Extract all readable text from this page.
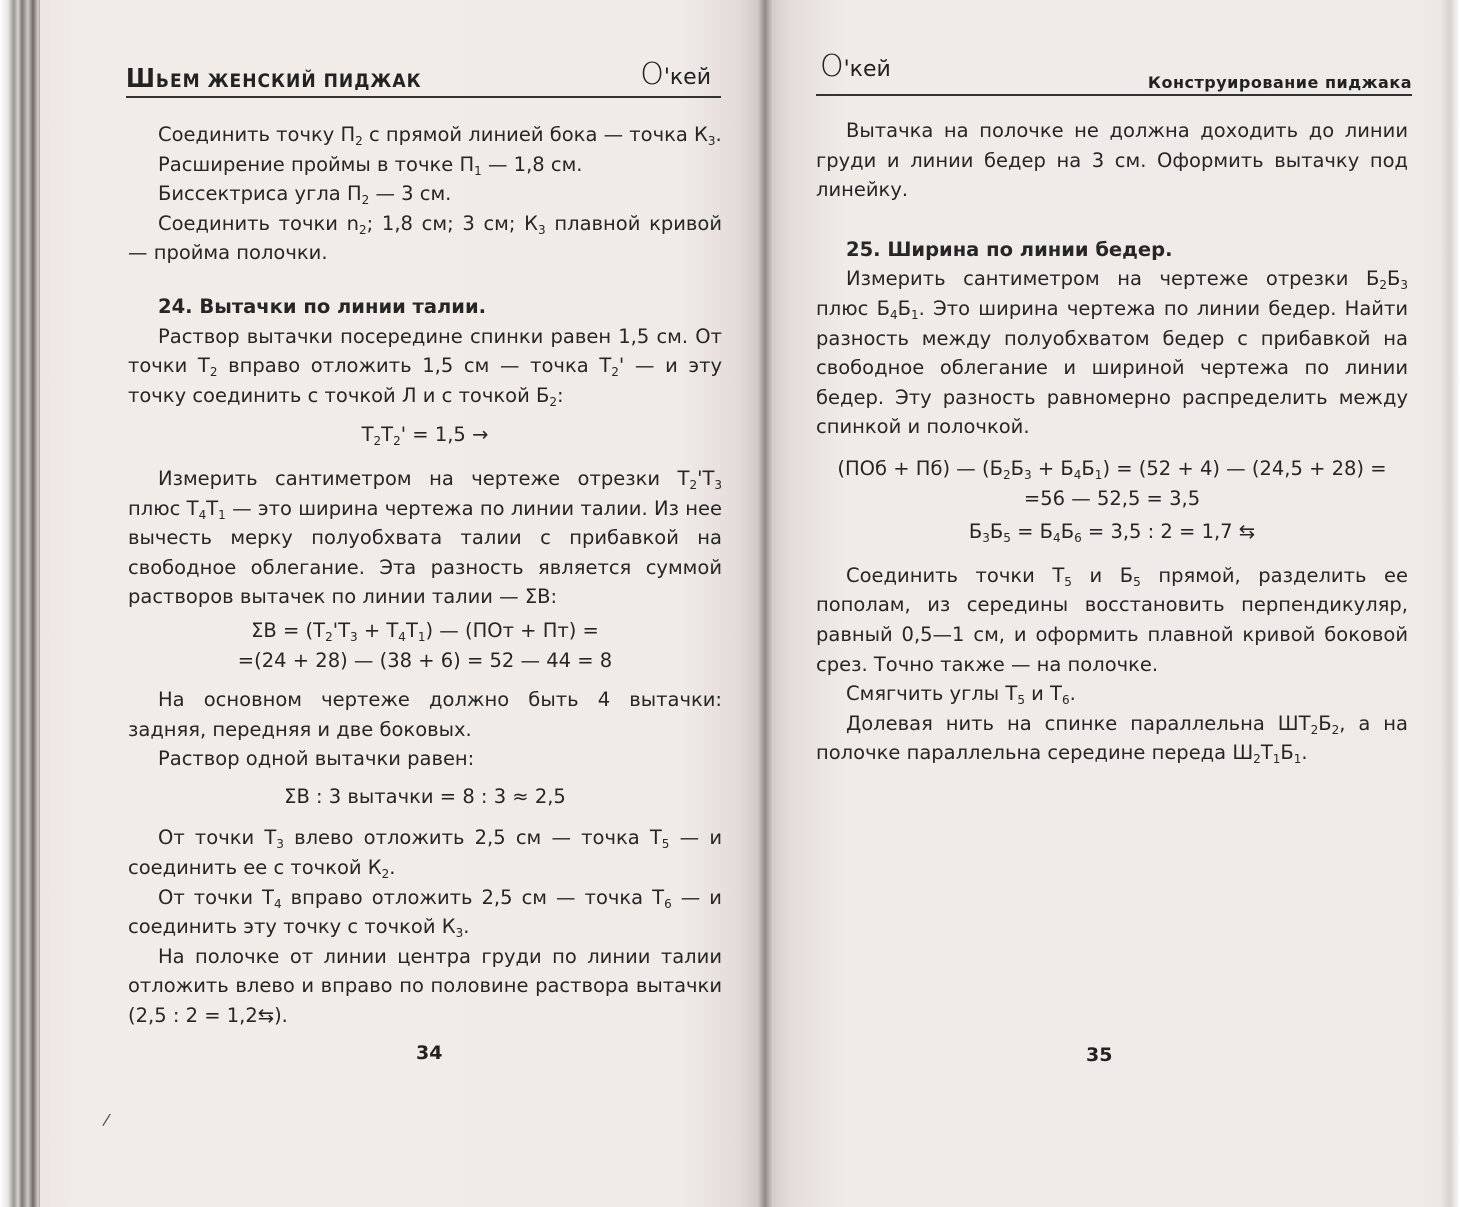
ШЬЕМ ЖЕНСКИЙ ПИДЖАК	О'кей	О'кей
Конструирование пиджака

Соединить точку $П_2$ с прямой линией бока — точка $К_3$.

Расширение проймы в точке $П_1$ — 1,8 см.

Биссектриса угла $П_2$ — 3 см.

Соединить точки $n_2$; 1,8 см; 3 см; $К_3$ плавной кривой — пройма полочки.

24. Вытачки по линии талии.

Раствор вытачки посередине спинки равен 1,5 см. От точки $Т_2$ вправо отложить 1,5 см — точка $Т_2'$ — и эту точку соединить с точкой Л и с точкой $Б_2$:

$Т_2Т_2' = 1,5$ →

Измерить сантиметром на чертеже отрезки $Т_2'Т_3$ плюс $Т_4Т_1$ — это ширина чертежа по линии талии. Из нее вычесть мерку полуобхвата талии с прибавкой на свободное облегание. Эта разность является суммой растворов вытачек по линии талии — ΣВ:

$\Sigma В = (Т_2'Т_3 + Т_4Т_1)$ — (ПОт + Пт) =

=(24 + 28) — (38 + 6) = 52 — 44 = 8

На основном чертеже должно быть 4 вытачки: задняя, передняя и две боковых.

Раствор одной вытачки равен:

ΣВ : 3 вытачки = 8 : 3 ≈ 2,5

От точки $Т_3$ влево отложить 2,5 см — точка $Т_5$ — и соединить ее с точкой $К_2$.

От точки $Т_4$ вправо отложить 2,5 см — точка $Т_6$ — и соединить эту точку с точкой $К_3$.

На полочке от линии центра груди по линии талии отложить влево и вправо по половине раствора вытачки (2,5 : 2 = 1,2⇆).

Вытачка на полочке не должна доходить до линии груди и линии бедер на 3 см. Оформить вытачку под линейку.

25. Ширина по линии бедер.

Измерить сантиметром на чертеже отрезки $Б_2Б_3$ плюс $Б_4Б_1$. Это ширина чертежа по линии бедер. Найти разность между полуобхватом бедер с прибавкой на свободное облегание и шириной чертежа по линии бедер. Эту разность равномерно распределить между спинкой и полочкой.

(ПОб + Пб) — $(Б_2Б_3 + Б_4Б_1) = (52 + 4)$ — (24,5 + 28) =

=56 — 52,5 = 3,5

$Б_3Б_5 = Б_4Б_6 = 3,5$ : 2 = 1,7 ⇆

Соединить точки $Т_5$ и $Б_5$ прямой, разделить ее пополам, из середины восстановить перпендикуляр, равный 0,5—1 см, и оформить плавной кривой боковой срез. Точно также — на полочке.

Смягчить углы $Т_5$ и $Т_6$.

Долевая нить на спинке параллельна $ШТ_2Б_2$, а на полочке параллельна середине переда $Ш_2Т_1Б_1$.

34	35
/
